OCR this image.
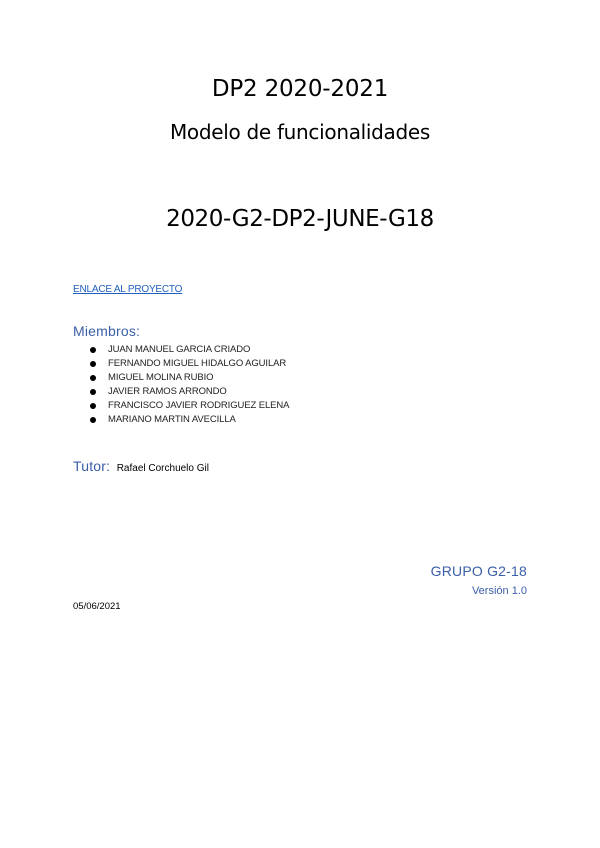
DP2 2020-2021
Modelo de funcionalidades
2020-G2-DP2-JUNE-G18
ENLACE AL PROYECTO

Miembros:

JUAN MANUEL GARCIA CRIADO
FERNANDO MIGUEL HIDALGO AGUILAR
MIGUEL MOLINA RUBIO
JAVIER RAMOS ARRONDO
FRANCISCO JAVIER RODRIGUEZ ELENA
MARIANO MARTIN AVECILLA
Tutor: Rafael Corchuelo Gil
GRUPO G2-18
Versión 1.0
05/06/2021
